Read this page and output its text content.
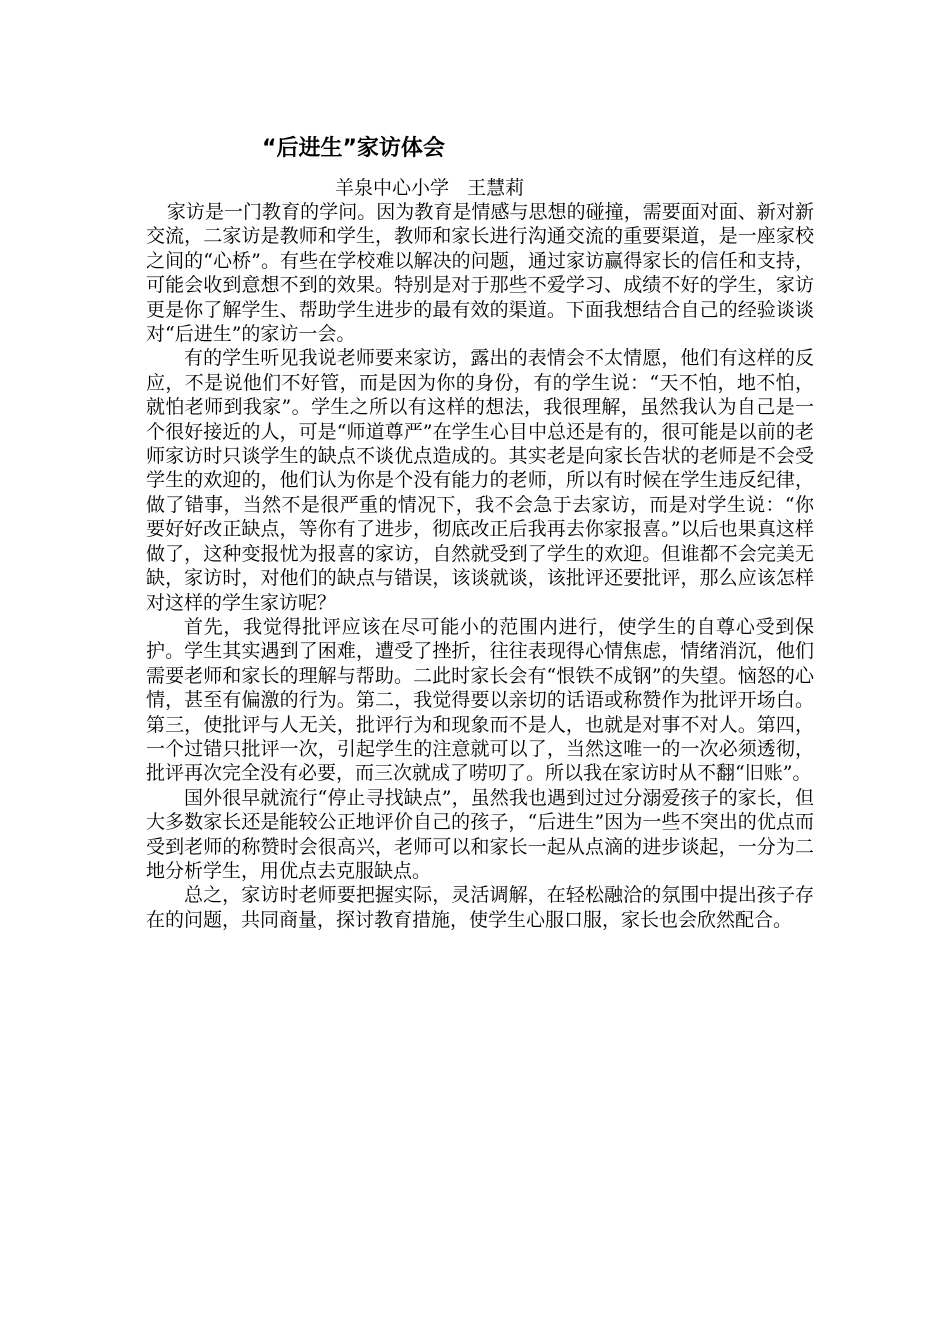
“后进生”家访体会

羊泉中心小学   王慧莉

家访是一门教育的学问。因为教育是情感与思想的碰撞，需要面对面、新对新交流，二家访是教师和学生，教师和家长进行沟通交流的重要渠道，是一座家校之间的“心桥”。有些在学校难以解决的问题，通过家访赢得家长的信任和支持，可能会收到意想不到的效果。特别是对于那些不爱学习、成绩不好的学生，家访更是你了解学生、帮助学生进步的最有效的渠道。下面我想结合自己的经验谈谈对“后进生”的家访一会。

有的学生听见我说老师要来家访，露出的表情会不太情愿，他们有这样的反应，不是说他们不好管，而是因为你的身份，有的学生说：“天不怕，地不怕，就怕老师到我家”。学生之所以有这样的想法，我很理解，虽然我认为自己是一个很好接近的人，可是“师道尊严”在学生心目中总还是有的，很可能是以前的老师家访时只谈学生的缺点不谈优点造成的。其实老是向家长告状的老师是不会受学生的欢迎的，他们认为你是个没有能力的老师，所以有时候在学生违反纪律，做了错事，当然不是很严重的情况下，我不会急于去家访，而是对学生说：“你要好好改正缺点，等你有了进步，彻底改正后我再去你家报喜。”以后也果真这样做了，这种变报忧为报喜的家访，自然就受到了学生的欢迎。但谁都不会完美无缺，家访时，对他们的缺点与错误，该谈就谈，该批评还要批评，那么应该怎样对这样的学生家访呢？

首先，我觉得批评应该在尽可能小的范围内进行，使学生的自尊心受到保护。学生其实遇到了困难，遭受了挫折，往往表现得心情焦虑，情绪消沉，他们需要老师和家长的理解与帮助。二此时家长会有“恨铁不成钢”的失望。恼怒的心情，甚至有偏激的行为。第二，我觉得要以亲切的话语或称赞作为批评开场白。第三，使批评与人无关，批评行为和现象而不是人，也就是对事不对人。第四，一个过错只批评一次，引起学生的注意就可以了，当然这唯一的一次必须透彻，批评再次完全没有必要，而三次就成了唠叨了。所以我在家访时从不翻“旧账”。

国外很早就流行“停止寻找缺点”，虽然我也遇到过过分溺爱孩子的家长，但大多数家长还是能较公正地评价自己的孩子，“后进生”因为一些不突出的优点而受到老师的称赞时会很高兴，老师可以和家长一起从点滴的进步谈起，一分为二地分析学生，用优点去克服缺点。

总之，家访时老师要把握实际，灵活调解，在轻松融洽的氛围中提出孩子存在的问题，共同商量，探讨教育措施，使学生心服口服，家长也会欣然配合。
